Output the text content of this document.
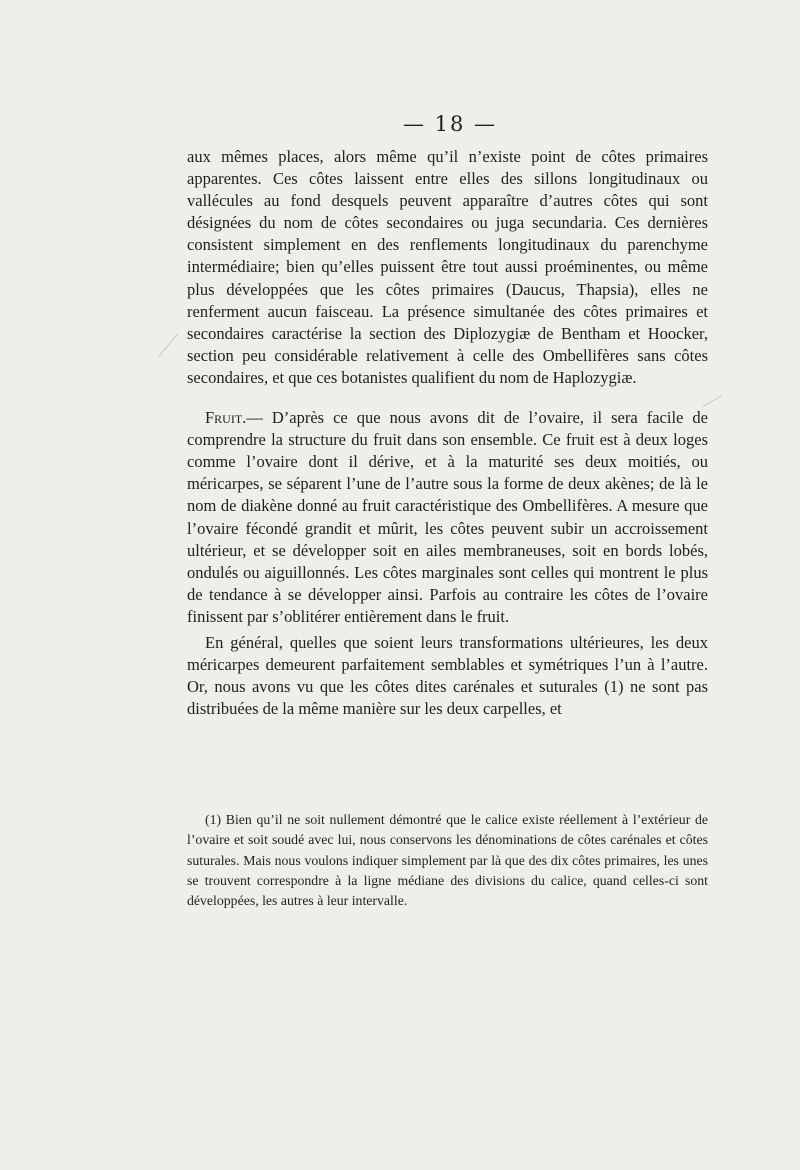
— 18 —

aux mêmes places, alors même qu’il n’existe point de côtes primaires apparentes. Ces côtes laissent entre elles des sillons longitudinaux ou vallécules au fond desquels peuvent apparaître d’autres côtes qui sont désignées du nom de côtes secondaires ou juga secundaria. Ces dernières consistent simplement en des renflements longitudinaux du parenchyme intermédiaire; bien qu’elles puissent être tout aussi proéminentes, ou même plus développées que les côtes primaires (Daucus, Thapsia), elles ne renferment aucun faisceau. La présence simultanée des côtes primaires et secondaires caractérise la section des Diplozygiæ de Bentham et Hoocker, section peu considérable relativement à celle des Ombellifères sans côtes secondaires, et que ces botanistes qualifient du nom de Haplozygiæ.

Fruit.— D’après ce que nous avons dit de l’ovaire, il sera facile de comprendre la structure du fruit dans son ensemble. Ce fruit est à deux loges comme l’ovaire dont il dérive, et à la maturité ses deux moitiés, ou méricarpes, se séparent l’une de l’autre sous la forme de deux akènes; de là le nom de diakène donné au fruit caractéristique des Ombellifères. A mesure que l’ovaire fécondé grandit et mûrit, les côtes peuvent subir un accroissement ultérieur, et se développer soit en ailes membraneuses, soit en bords lobés, ondulés ou aiguillonnés. Les côtes marginales sont celles qui montrent le plus de tendance à se développer ainsi. Parfois au contraire les côtes de l’ovaire finissent par s’oblitérer entièrement dans le fruit.

En général, quelles que soient leurs transformations ultérieures, les deux méricarpes demeurent parfaitement semblables et symétriques l’un à l’autre. Or, nous avons vu que les côtes dites carénales et suturales (1) ne sont pas distribuées de la même manière sur les deux carpelles, et

(1) Bien qu’il ne soit nullement démontré que le calice existe réellement à l’extérieur de l’ovaire et soit soudé avec lui, nous conservons les dénominations de côtes carénales et côtes suturales. Mais nous voulons indiquer simplement par là que des dix côtes primaires, les unes se trouvent correspondre à la ligne médiane des divisions du calice, quand celles-ci sont développées, les autres à leur intervalle.
